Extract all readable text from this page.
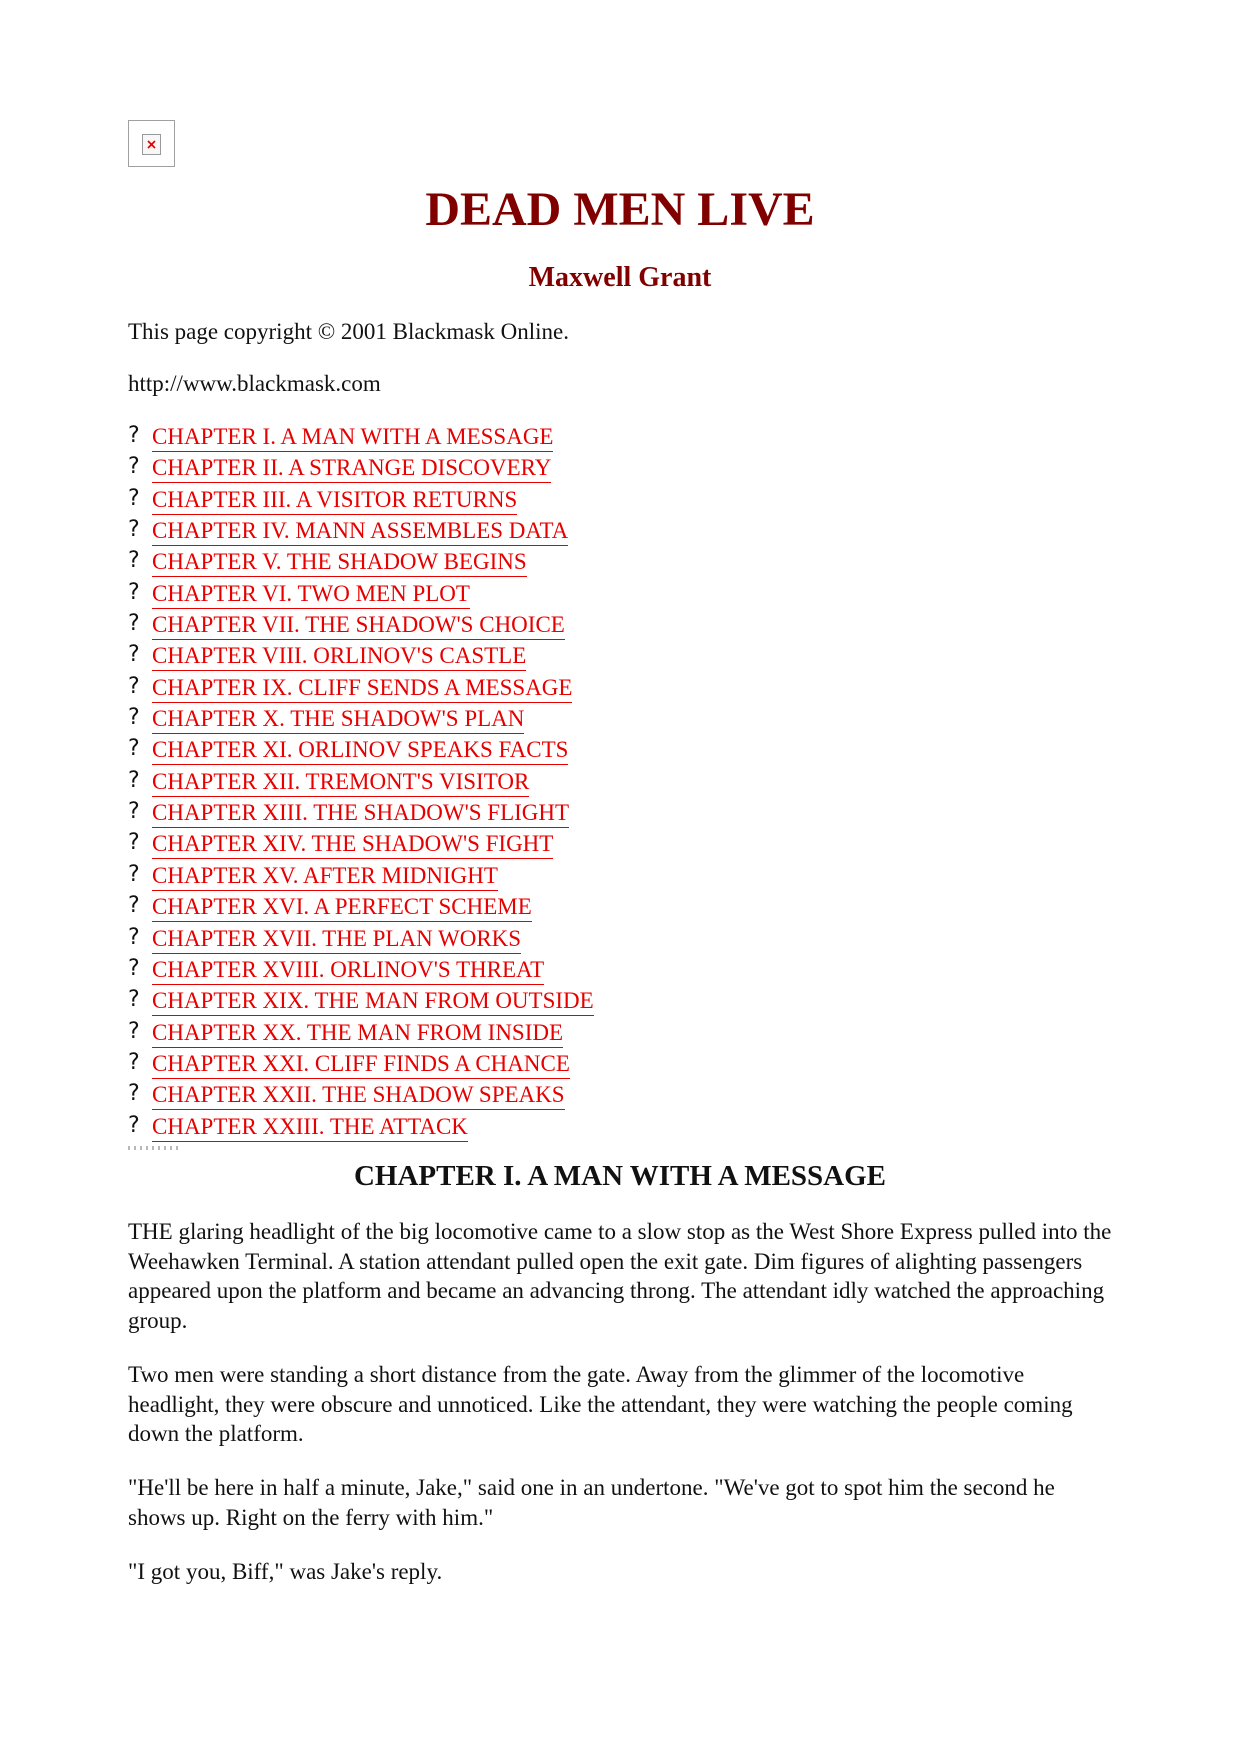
DEAD MEN LIVE
Maxwell Grant

This page copyright © 2001 Blackmask Online.

http://www.blackmask.com

? CHAPTER I. A MAN WITH A MESSAGE
? CHAPTER II. A STRANGE DISCOVERY
? CHAPTER III. A VISITOR RETURNS
? CHAPTER IV. MANN ASSEMBLES DATA
? CHAPTER V. THE SHADOW BEGINS
? CHAPTER VI. TWO MEN PLOT
? CHAPTER VII. THE SHADOW'S CHOICE
? CHAPTER VIII. ORLINOV'S CASTLE
? CHAPTER IX. CLIFF SENDS A MESSAGE
? CHAPTER X. THE SHADOW'S PLAN
? CHAPTER XI. ORLINOV SPEAKS FACTS
? CHAPTER XII. TREMONT'S VISITOR
? CHAPTER XIII. THE SHADOW'S FLIGHT
? CHAPTER XIV. THE SHADOW'S FIGHT
? CHAPTER XV. AFTER MIDNIGHT
? CHAPTER XVI. A PERFECT SCHEME
? CHAPTER XVII. THE PLAN WORKS
? CHAPTER XVIII. ORLINOV'S THREAT
? CHAPTER XIX. THE MAN FROM OUTSIDE
? CHAPTER XX. THE MAN FROM INSIDE
? CHAPTER XXI. CLIFF FINDS A CHANCE
? CHAPTER XXII. THE SHADOW SPEAKS
? CHAPTER XXIII. THE ATTACK
CHAPTER I. A MAN WITH A MESSAGE

THE glaring headlight of the big locomotive came to a slow stop as the West Shore Express pulled into the Weehawken Terminal. A station attendant pulled open the exit gate. Dim figures of alighting passengers appeared upon the platform and became an advancing throng. The attendant idly watched the approaching group.

Two men were standing a short distance from the gate. Away from the glimmer of the locomotive headlight, they were obscure and unnoticed. Like the attendant, they were watching the people coming down the platform.

"He'll be here in half a minute, Jake," said one in an undertone. "We've got to spot him the second he shows up. Right on the ferry with him."

"I got you, Biff," was Jake's reply.
